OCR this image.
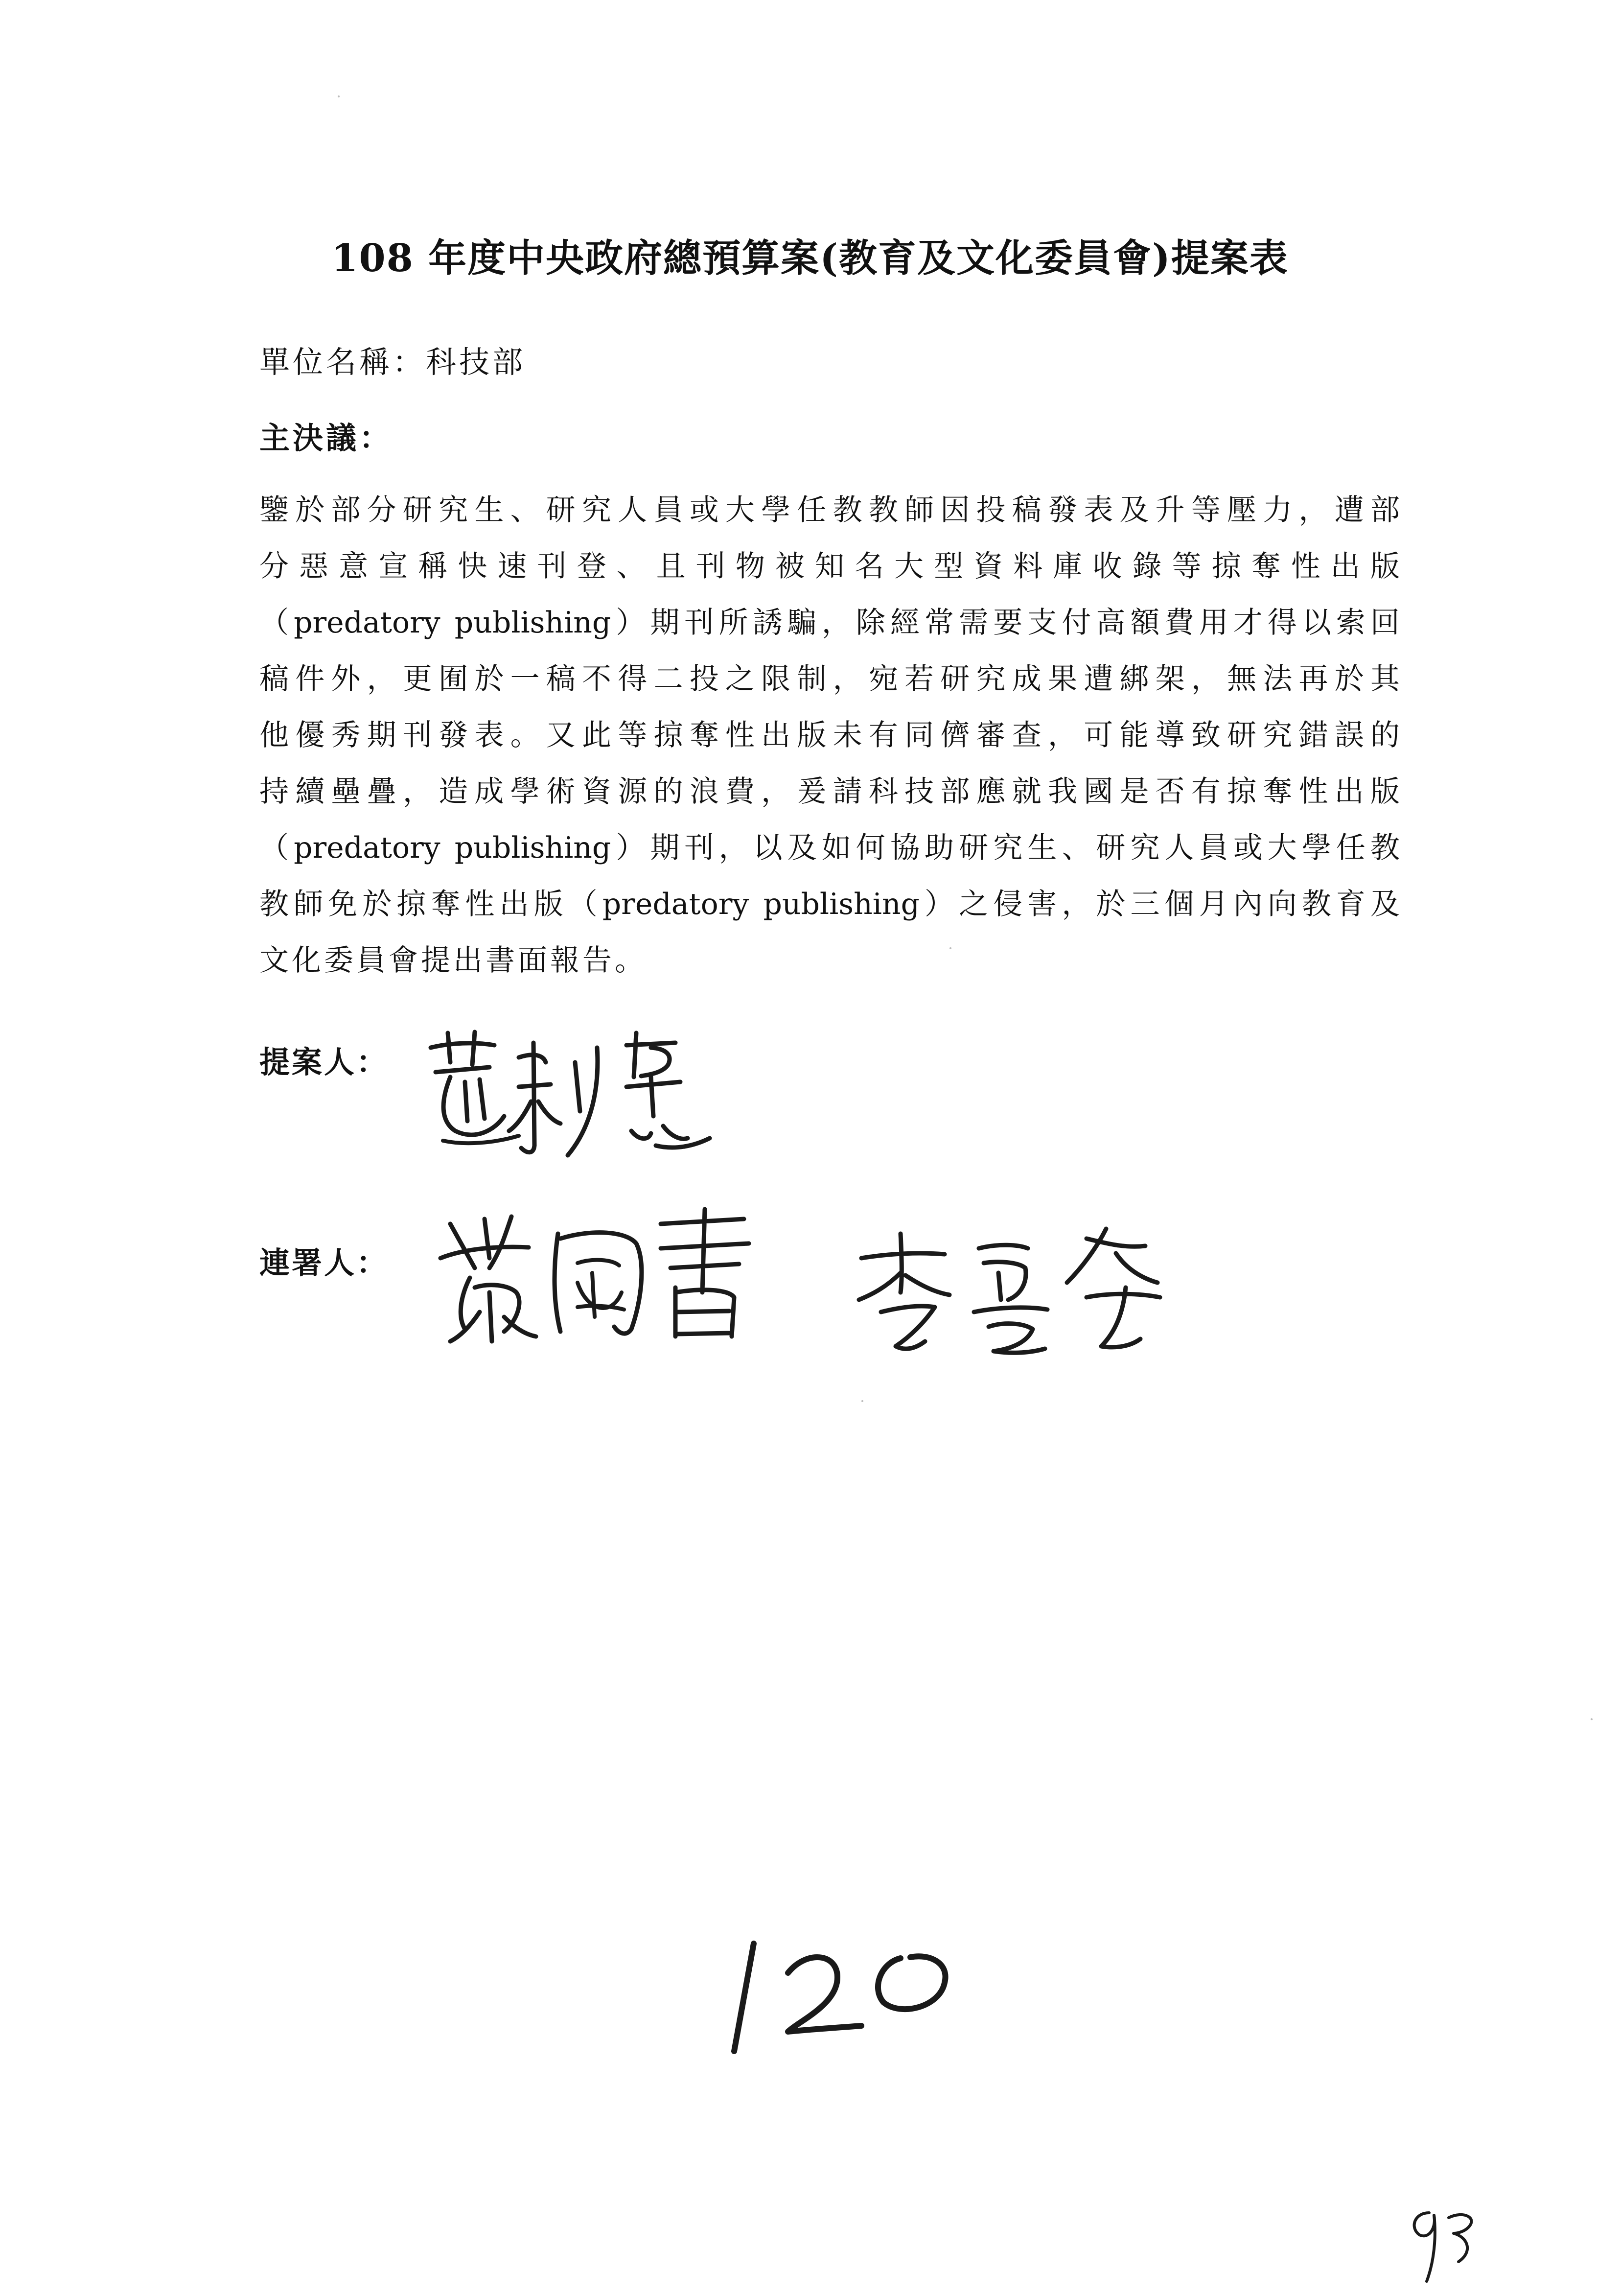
108 年度中央政府總預算案(教育及文化委員會)提案表
單位名稱：科技部
主決議：
鑒於部分研究生、研究人員或大學任教教師因投稿發表及升等壓力，遭部
分惡意宣稱快速刊登、且刊物被知名大型資料庫收錄等掠奪性出版
（predatory publishing）期刊所誘騙，除經常需要支付高額費用才得以索回
稿件外，更囿於一稿不得二投之限制，宛若研究成果遭綁架，無法再於其
他優秀期刊發表。又此等掠奪性出版未有同儕審查，可能導致研究錯誤的
持續壘疊，造成學術資源的浪費，爰請科技部應就我國是否有掠奪性出版
（predatory publishing）期刊，以及如何協助研究生、研究人員或大學任教
教師免於掠奪性出版（predatory publishing）之侵害，於三個月內向教育及
文化委員會提出書面報告。
提案人：
連署人：
